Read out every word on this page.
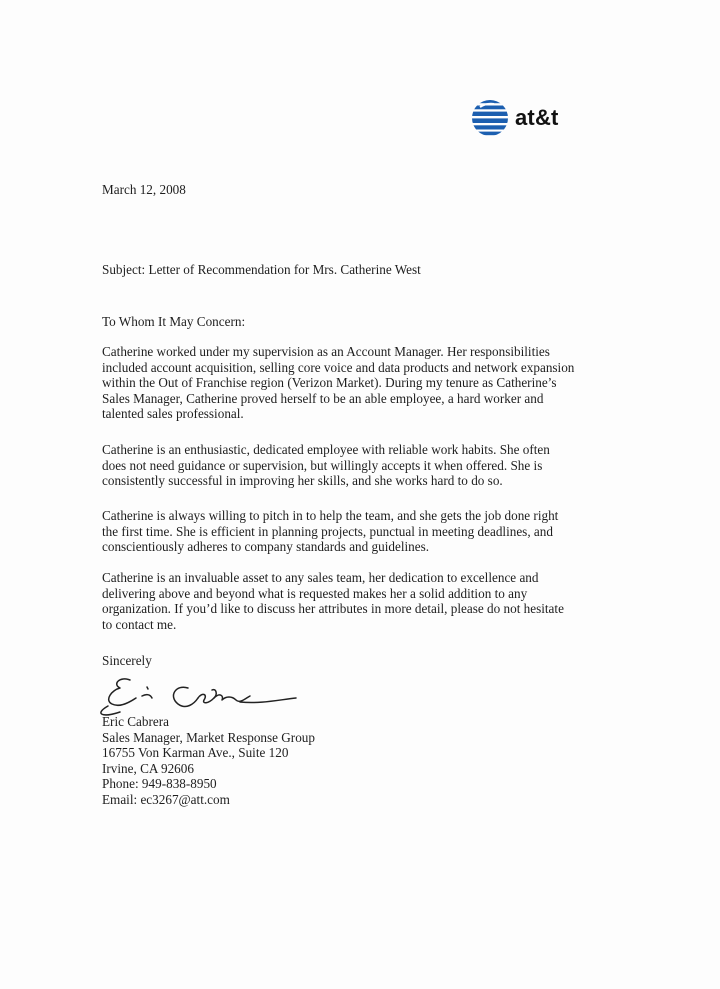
at&t
March 12, 2008
Subject: Letter of Recommendation for Mrs. Catherine West
To Whom It May Concern:
Catherine worked under my supervision as an Account Manager. Her responsibilities
included account acquisition, selling core voice and data products and network expansion
within the Out of Franchise region (Verizon Market). During my tenure as Catherine’s
Sales Manager, Catherine proved herself to be an able employee, a hard worker and
talented sales professional.
Catherine is an enthusiastic, dedicated employee with reliable work habits. She often
does not need guidance or supervision, but willingly accepts it when offered. She is
consistently successful in improving her skills, and she works hard to do so.
Catherine is always willing to pitch in to help the team, and she gets the job done right
the first time. She is efficient in planning projects, punctual in meeting deadlines, and
conscientiously adheres to company standards and guidelines.
Catherine is an invaluable asset to any sales team, her dedication to excellence and
delivering above and beyond what is requested makes her a solid addition to any
organization. If you’d like to discuss her attributes in more detail, please do not hesitate
to contact me.
Sincerely
Eric Cabrera
Sales Manager, Market Response Group
16755 Von Karman Ave., Suite 120
Irvine, CA 92606
Phone: 949-838-8950
Email: ec3267@att.com
